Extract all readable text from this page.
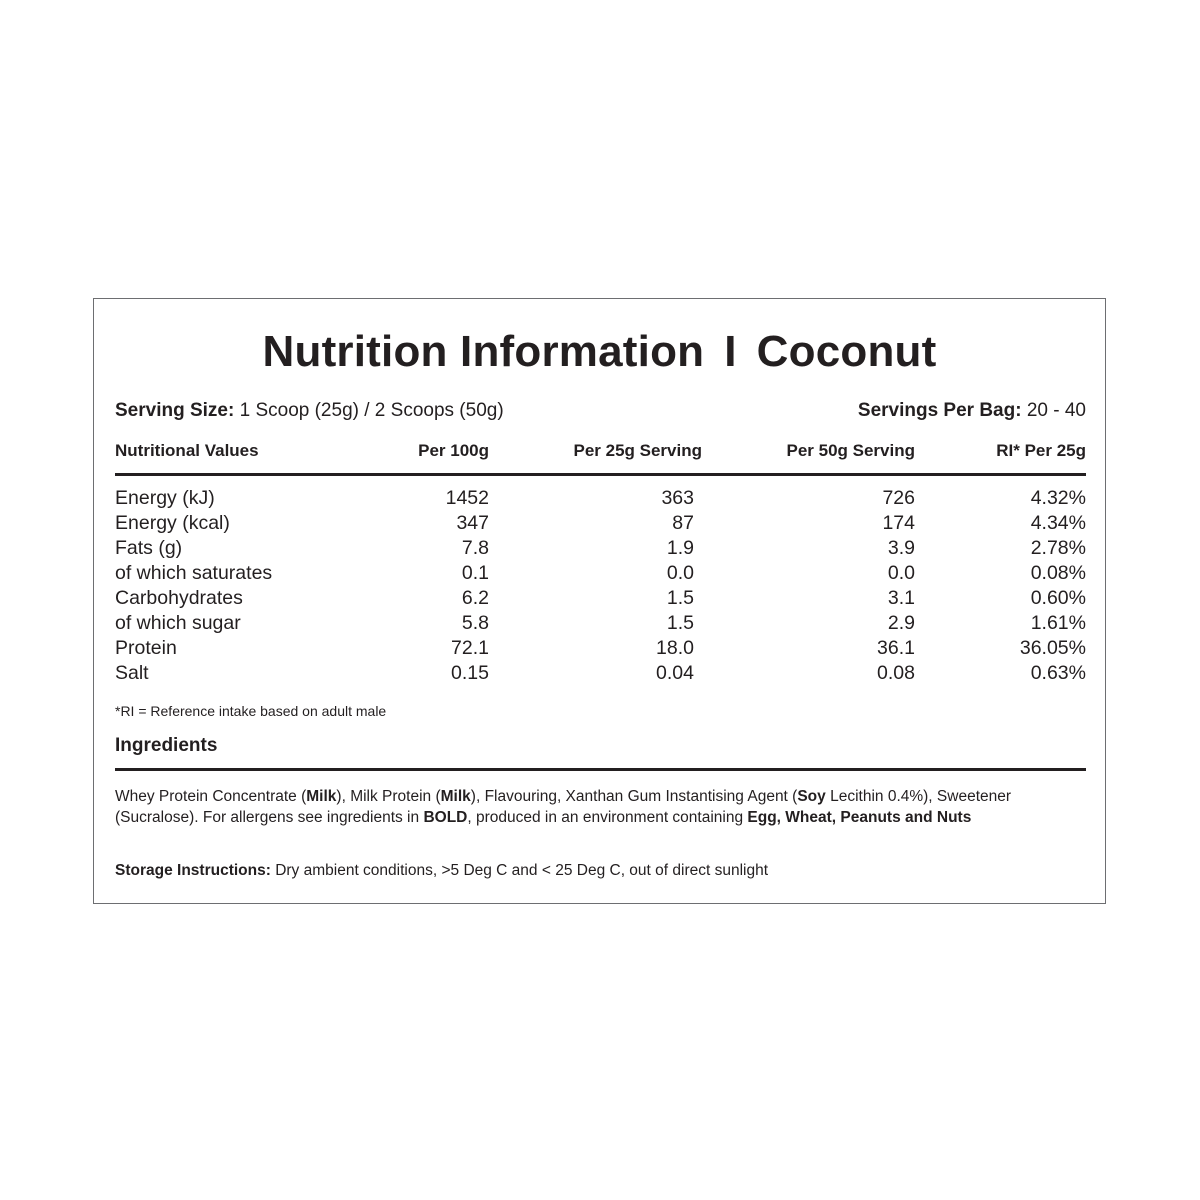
Nutrition Information I Coconut
Serving Size: 1 Scoop (25g) / 2 Scoops (50g)	Servings Per Bag: 20 - 40
Nutritional Values	Per 100g	Per 25g Serving	Per 50g Serving	RI* Per 25g
Energy (kJ)	1452	363	726	4.32%
Energy (kcal)	347	87	174	4.34%
Fats (g)	7.8	1.9	3.9	2.78%
of which saturates	0.1	0.0	0.0	0.08%
Carbohydrates	6.2	1.5	3.1	0.60%
of which sugar	5.8	1.5	2.9	1.61%
Protein	72.1	18.0	36.1	36.05%
Salt	0.15	0.04	0.08	0.63%
*RI = Reference intake based on adult male
Ingredients
Whey Protein Concentrate (Milk), Milk Protein (Milk), Flavouring, Xanthan Gum Instantising Agent (Soy Lecithin 0.4%), Sweetener (Sucralose). For allergens see ingredients in BOLD, produced in an environment containing Egg, Wheat, Peanuts and Nuts
Storage Instructions: Dry ambient conditions, >5 Deg C and < 25 Deg C, out of direct sunlight
